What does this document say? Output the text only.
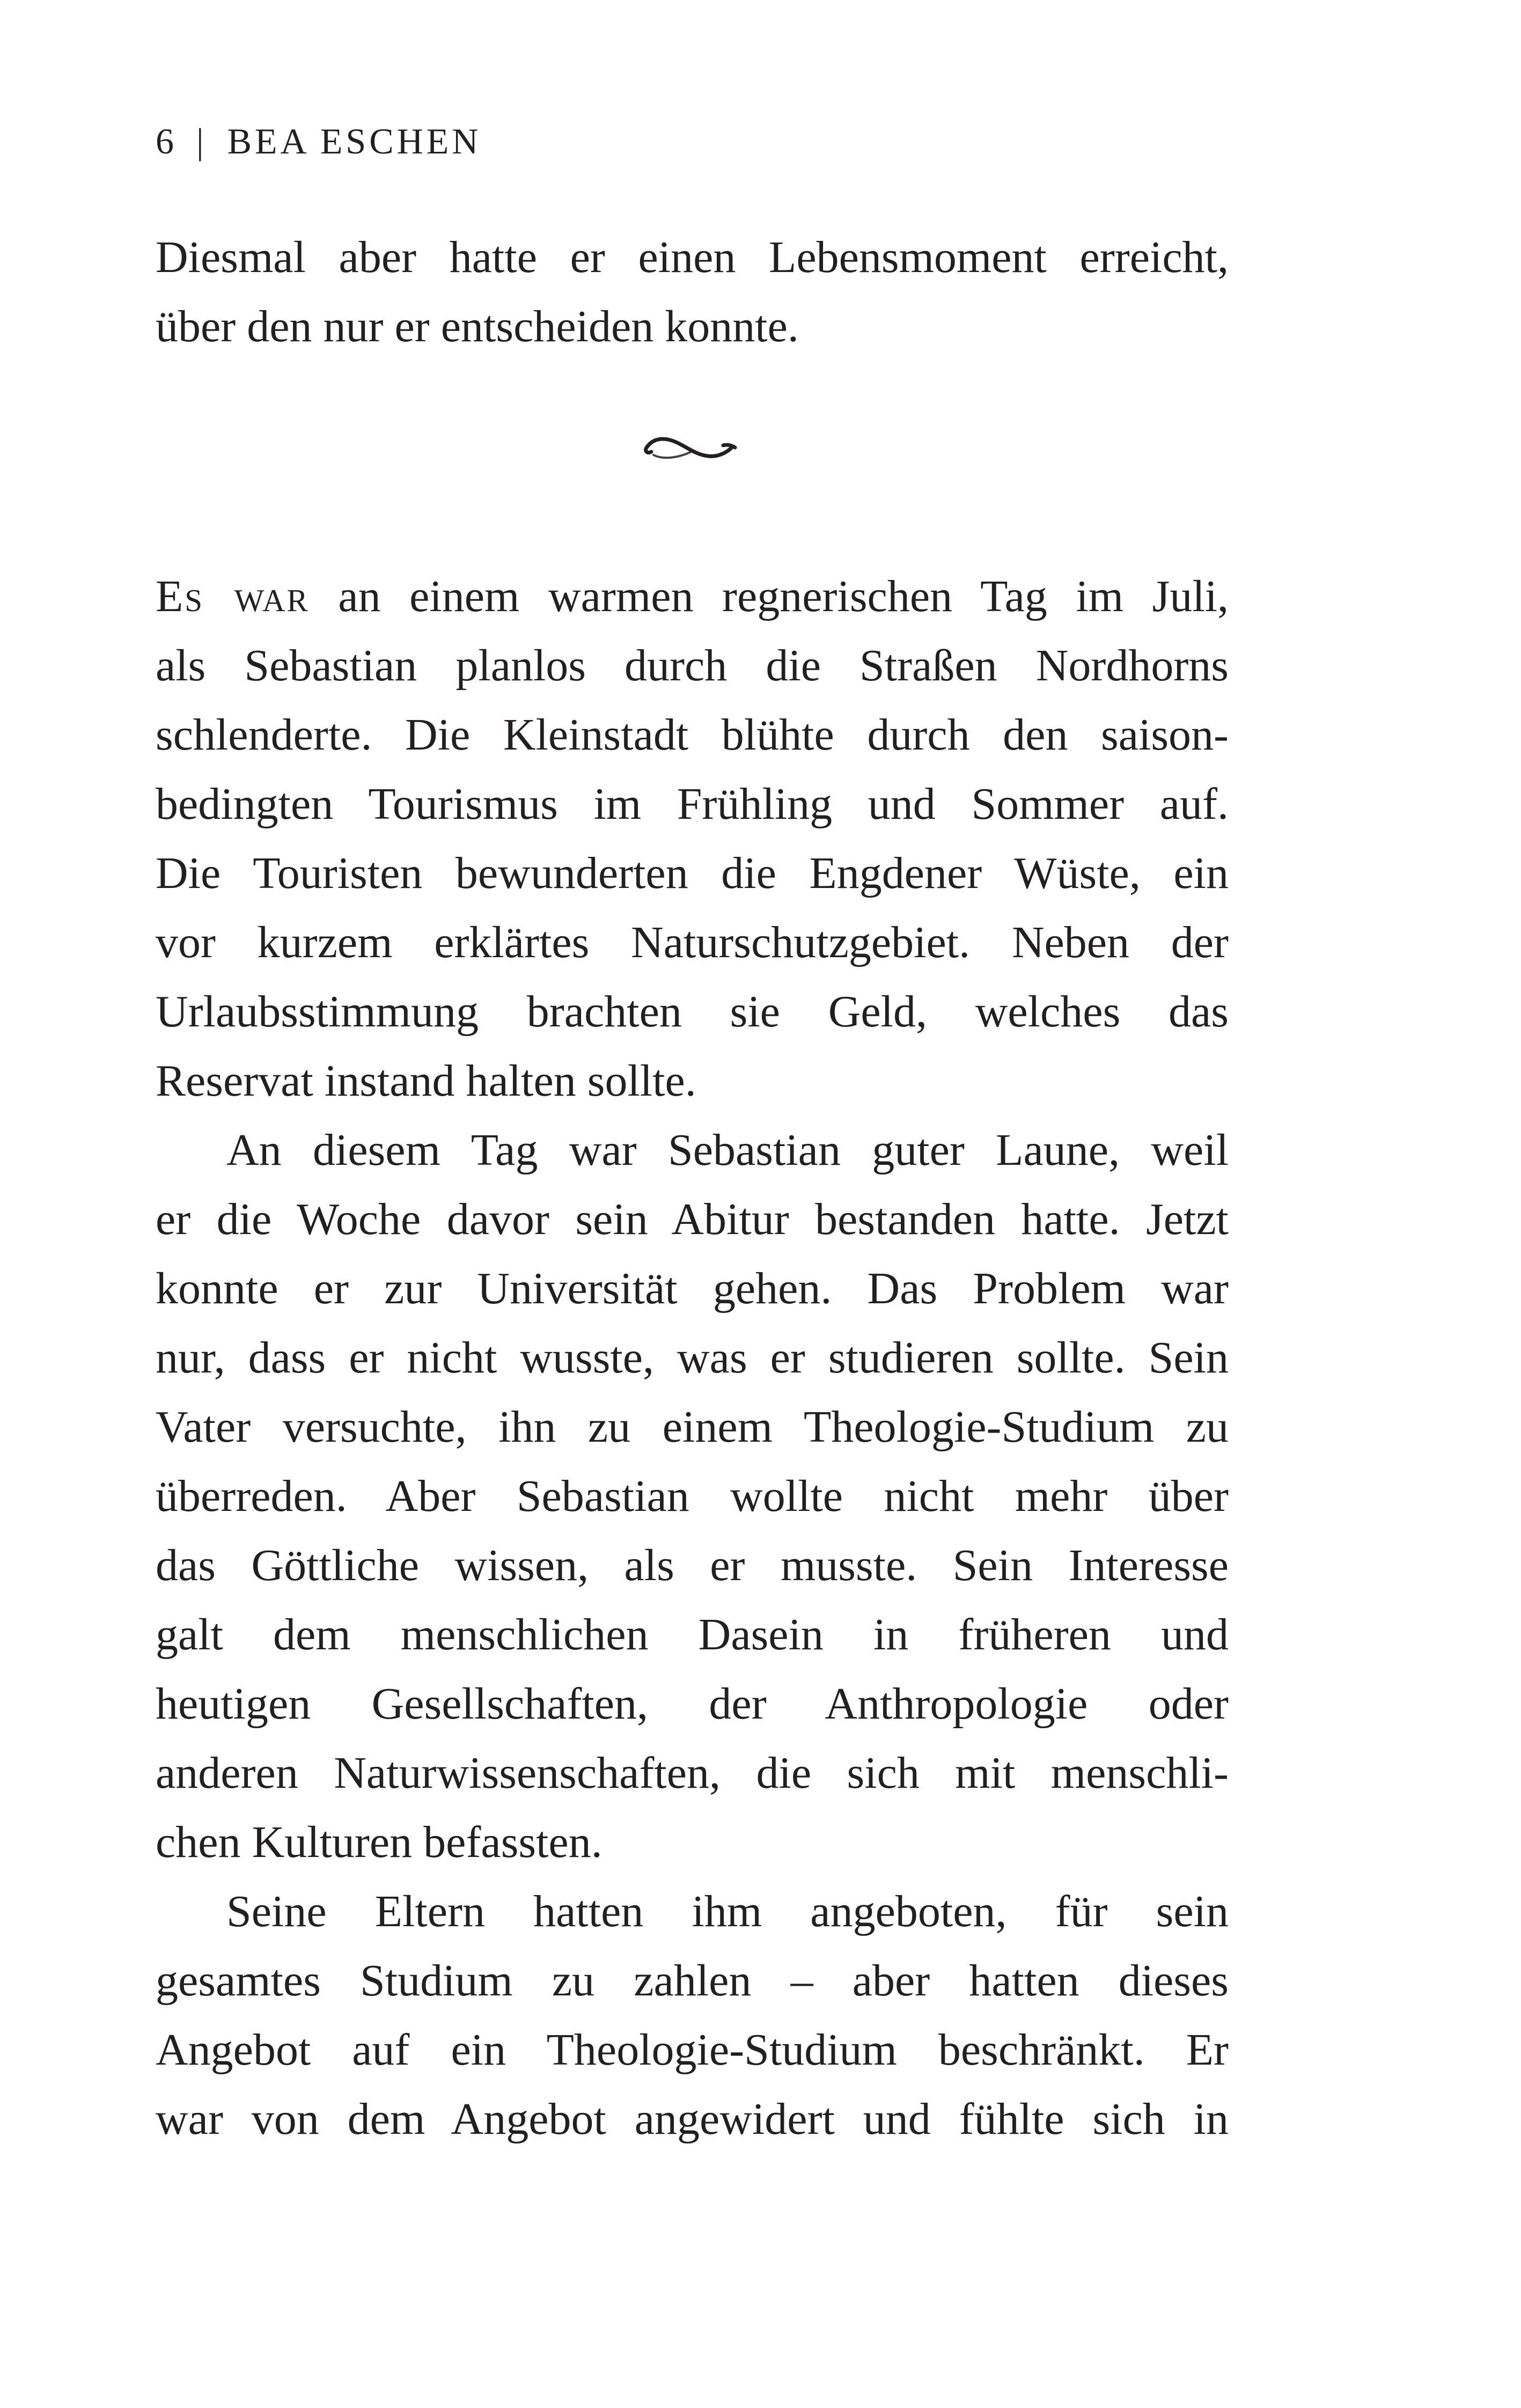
6 | BEA ESCHEN
Diesmal aber hatte er einen Lebensmoment erreicht,
über den nur er entscheiden konnte.
Es war an einem warmen regnerischen Tag im Juli,
als Sebastian planlos durch die Straßen Nordhorns
schlenderte. Die Kleinstadt blühte durch den saison-
bedingten Tourismus im Frühling und Sommer auf.
Die Touristen bewunderten die Engdener Wüste, ein
vor kurzem erklärtes Naturschutzgebiet. Neben der
Urlaubsstimmung brachten sie Geld, welches das
Reservat instand halten sollte.
An diesem Tag war Sebastian guter Laune, weil
er die Woche davor sein Abitur bestanden hatte. Jetzt
konnte er zur Universität gehen. Das Problem war
nur, dass er nicht wusste, was er studieren sollte. Sein
Vater versuchte, ihn zu einem Theologie-Studium zu
überreden. Aber Sebastian wollte nicht mehr über
das Göttliche wissen, als er musste. Sein Interesse
galt dem menschlichen Dasein in früheren und
heutigen Gesellschaften, der Anthropologie oder
anderen Naturwissenschaften, die sich mit menschli-
chen Kulturen befassten.
Seine Eltern hatten ihm angeboten, für sein
gesamtes Studium zu zahlen – aber hatten dieses
Angebot auf ein Theologie-Studium beschränkt. Er
war von dem Angebot angewidert und fühlte sich in
